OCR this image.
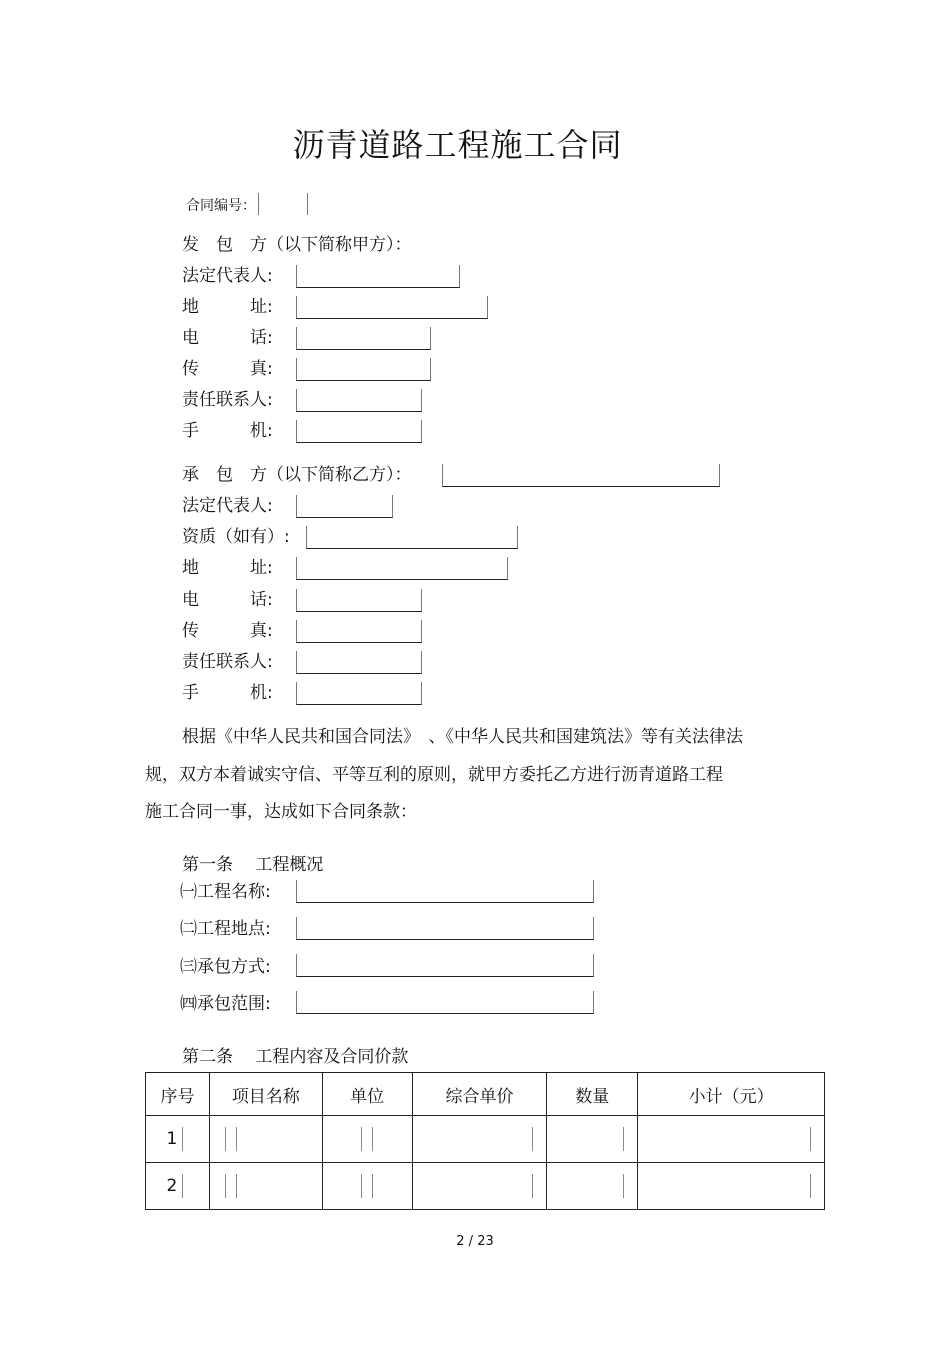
沥青道路工程施工合同
合同编号：
发　包　方（以下简称甲方）：
法定代表人:
地　　　址:
电　　　话:
传　　　真:
责任联系人:
手　　　机:
承　包　方（以下简称乙方）：
法定代表人:
资质（如有）:
地　　　址:
电　　　话:
传　　　真:
责任联系人:
手　　　机:
根据《中华人民共和国合同法》　、《中华人民共和国建筑法》等有关法律法
规，双方本着诚实守信、平等互利的原则，就甲方委托乙方进行沥青道路工程
施工合同一事，达成如下合同条款：
第一条　 工程概况
㈠工程名称:
㈡工程地点:
㈢承包方式:
㈣承包范围:
第二条　 工程内容及合同价款
序号	项目名称	单位	综合单价	数量	小计（元）
1					
2					
2 / 23
